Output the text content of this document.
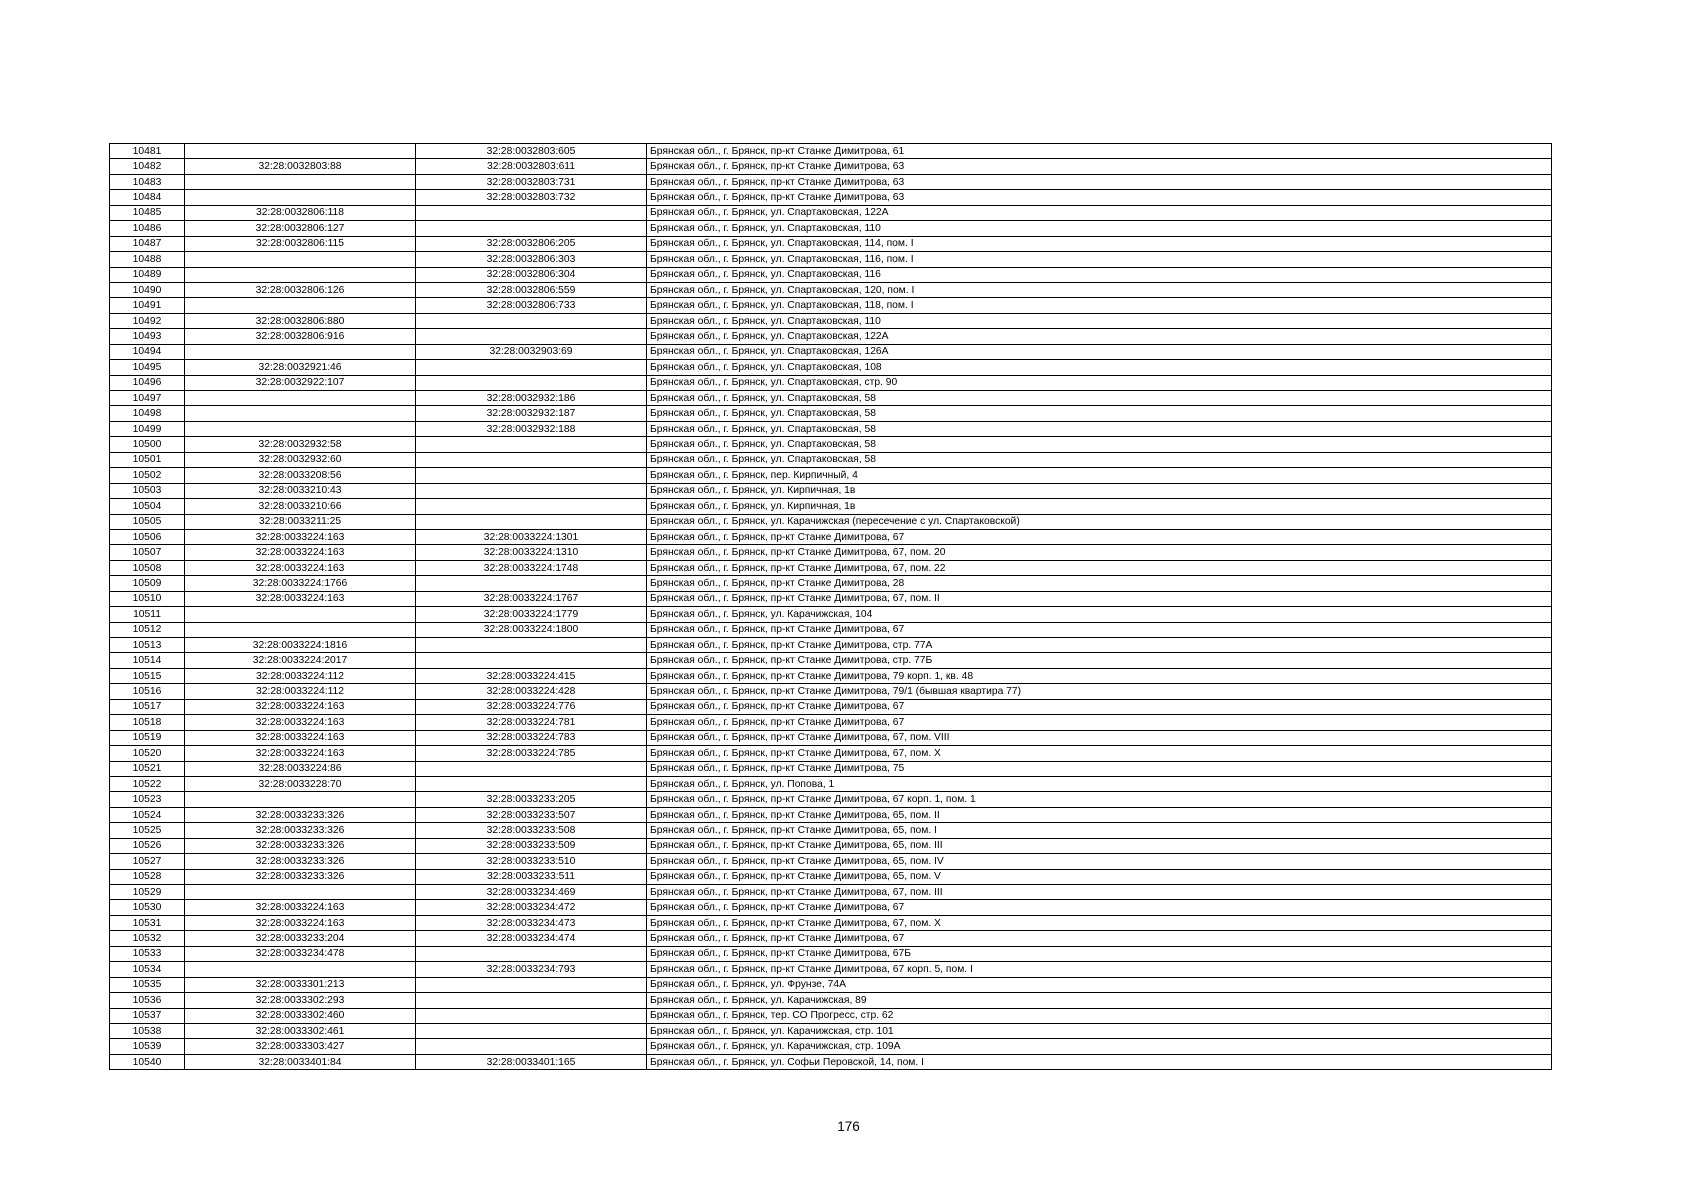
10481		32:28:0032803:605	Брянская обл., г. Брянск, пр-кт Станке Димитрова, 61
10482	32:28:0032803:88	32:28:0032803:611	Брянская обл., г. Брянск, пр-кт Станке Димитрова, 63
10483		32:28:0032803:731	Брянская обл., г. Брянск, пр-кт Станке Димитрова, 63
10484		32:28:0032803:732	Брянская обл., г. Брянск, пр-кт Станке Димитрова, 63
10485	32:28:0032806:118		Брянская обл., г. Брянск, ул. Спартаковская, 122А
10486	32:28:0032806:127		Брянская обл., г. Брянск, ул. Спартаковская, 110
10487	32:28:0032806:115	32:28:0032806:205	Брянская обл., г. Брянск, ул. Спартаковская, 114, пом. I
10488		32:28:0032806:303	Брянская обл., г. Брянск, ул. Спартаковская, 116, пом. I
10489		32:28:0032806:304	Брянская обл., г. Брянск, ул. Спартаковская, 116
10490	32:28:0032806:126	32:28:0032806:559	Брянская обл., г. Брянск, ул. Спартаковская, 120, пом. I
10491		32:28:0032806:733	Брянская обл., г. Брянск, ул. Спартаковская, 118, пом. I
10492	32:28:0032806:880		Брянская обл., г. Брянск, ул. Спартаковская, 110
10493	32:28:0032806:916		Брянская обл., г. Брянск, ул. Спартаковская, 122А
10494		32:28:0032903:69	Брянская обл., г. Брянск, ул. Спартаковская, 126А
10495	32:28:0032921:46		Брянская обл., г. Брянск, ул. Спартаковская, 108
10496	32:28:0032922:107		Брянская обл., г. Брянск, ул. Спартаковская, стр. 90
10497		32:28:0032932:186	Брянская обл., г. Брянск, ул. Спартаковская, 58
10498		32:28:0032932:187	Брянская обл., г. Брянск, ул. Спартаковская, 58
10499		32:28:0032932:188	Брянская обл., г. Брянск, ул. Спартаковская, 58
10500	32:28:0032932:58		Брянская обл., г. Брянск, ул. Спартаковская, 58
10501	32:28:0032932:60		Брянская обл., г. Брянск, ул. Спартаковская, 58
10502	32:28:0033208:56		Брянская обл., г. Брянск, пер. Кирпичный, 4
10503	32:28:0033210:43		Брянская обл., г. Брянск, ул. Кирпичная, 1в
10504	32:28:0033210:66		Брянская обл., г. Брянск, ул. Кирпичная, 1в
10505	32:28:0033211:25		Брянская обл., г. Брянск, ул. Карачижская (пересечение с ул. Спартаковской)
10506	32:28:0033224:163	32:28:0033224:1301	Брянская обл., г. Брянск, пр-кт Станке Димитрова, 67
10507	32:28:0033224:163	32:28:0033224:1310	Брянская обл., г. Брянск, пр-кт Станке Димитрова, 67, пом. 20
10508	32:28:0033224:163	32:28:0033224:1748	Брянская обл., г. Брянск, пр-кт Станке Димитрова, 67, пом. 22
10509	32:28:0033224:1766		Брянская обл., г. Брянск, пр-кт Станке Димитрова, 28
10510	32:28:0033224:163	32:28:0033224:1767	Брянская обл., г. Брянск, пр-кт Станке Димитрова, 67, пом. II
10511		32:28:0033224:1779	Брянская обл., г. Брянск, ул. Карачижская, 104
10512		32:28:0033224:1800	Брянская обл., г. Брянск, пр-кт Станке Димитрова, 67
10513	32:28:0033224:1816		Брянская обл., г. Брянск, пр-кт Станке Димитрова, стр. 77А
10514	32:28:0033224:2017		Брянская обл., г. Брянск, пр-кт Станке Димитрова, стр. 77Б
10515	32:28:0033224:112	32:28:0033224:415	Брянская обл., г. Брянск, пр-кт Станке Димитрова, 79 корп. 1, кв. 48
10516	32:28:0033224:112	32:28:0033224:428	Брянская обл., г. Брянск, пр-кт Станке Димитрова, 79/1 (бывшая квартира 77)
10517	32:28:0033224:163	32:28:0033224:776	Брянская обл., г. Брянск, пр-кт Станке Димитрова, 67
10518	32:28:0033224:163	32:28:0033224:781	Брянская обл., г. Брянск, пр-кт Станке Димитрова, 67
10519	32:28:0033224:163	32:28:0033224:783	Брянская обл., г. Брянск, пр-кт Станке Димитрова, 67, пом. VIII
10520	32:28:0033224:163	32:28:0033224:785	Брянская обл., г. Брянск, пр-кт Станке Димитрова, 67, пом. X
10521	32:28:0033224:86		Брянская обл., г. Брянск, пр-кт Станке Димитрова, 75
10522	32:28:0033228:70		Брянская обл., г. Брянск, ул. Попова, 1
10523		32:28:0033233:205	Брянская обл., г. Брянск, пр-кт Станке Димитрова, 67 корп. 1, пом. 1
10524	32:28:0033233:326	32:28:0033233:507	Брянская обл., г. Брянск, пр-кт Станке Димитрова, 65, пом. II
10525	32:28:0033233:326	32:28:0033233:508	Брянская обл., г. Брянск, пр-кт Станке Димитрова, 65, пом. I
10526	32:28:0033233:326	32:28:0033233:509	Брянская обл., г. Брянск, пр-кт Станке Димитрова, 65, пом. III
10527	32:28:0033233:326	32:28:0033233:510	Брянская обл., г. Брянск, пр-кт Станке Димитрова, 65, пом. IV
10528	32:28:0033233:326	32:28:0033233:511	Брянская обл., г. Брянск, пр-кт Станке Димитрова, 65, пом. V
10529		32:28:0033234:469	Брянская обл., г. Брянск, пр-кт Станке Димитрова, 67, пом. III
10530	32:28:0033224:163	32:28:0033234:472	Брянская обл., г. Брянск, пр-кт Станке Димитрова, 67
10531	32:28:0033224:163	32:28:0033234:473	Брянская обл., г. Брянск, пр-кт Станке Димитрова, 67, пом. X
10532	32:28:0033233:204	32:28:0033234:474	Брянская обл., г. Брянск, пр-кт Станке Димитрова, 67
10533	32:28:0033234:478		Брянская обл., г. Брянск, пр-кт Станке Димитрова, 67Б
10534		32:28:0033234:793	Брянская обл., г. Брянск, пр-кт Станке Димитрова, 67 корп. 5, пом. I
10535	32:28:0033301:213		Брянская обл., г. Брянск, ул. Фрунзе, 74А
10536	32:28:0033302:293		Брянская обл., г. Брянск, ул. Карачижская, 89
10537	32:28:0033302:460		Брянская обл., г. Брянск, тер. СО Прогресс, стр. 62
10538	32:28:0033302:461		Брянская обл., г. Брянск, ул. Карачижская, стр. 101
10539	32:28:0033303:427		Брянская обл., г. Брянск, ул. Карачижская, стр. 109А
10540	32:28:0033401:84	32:28:0033401:165	Брянская обл., г. Брянск, ул. Софьи Перовской, 14, пом. I
176
